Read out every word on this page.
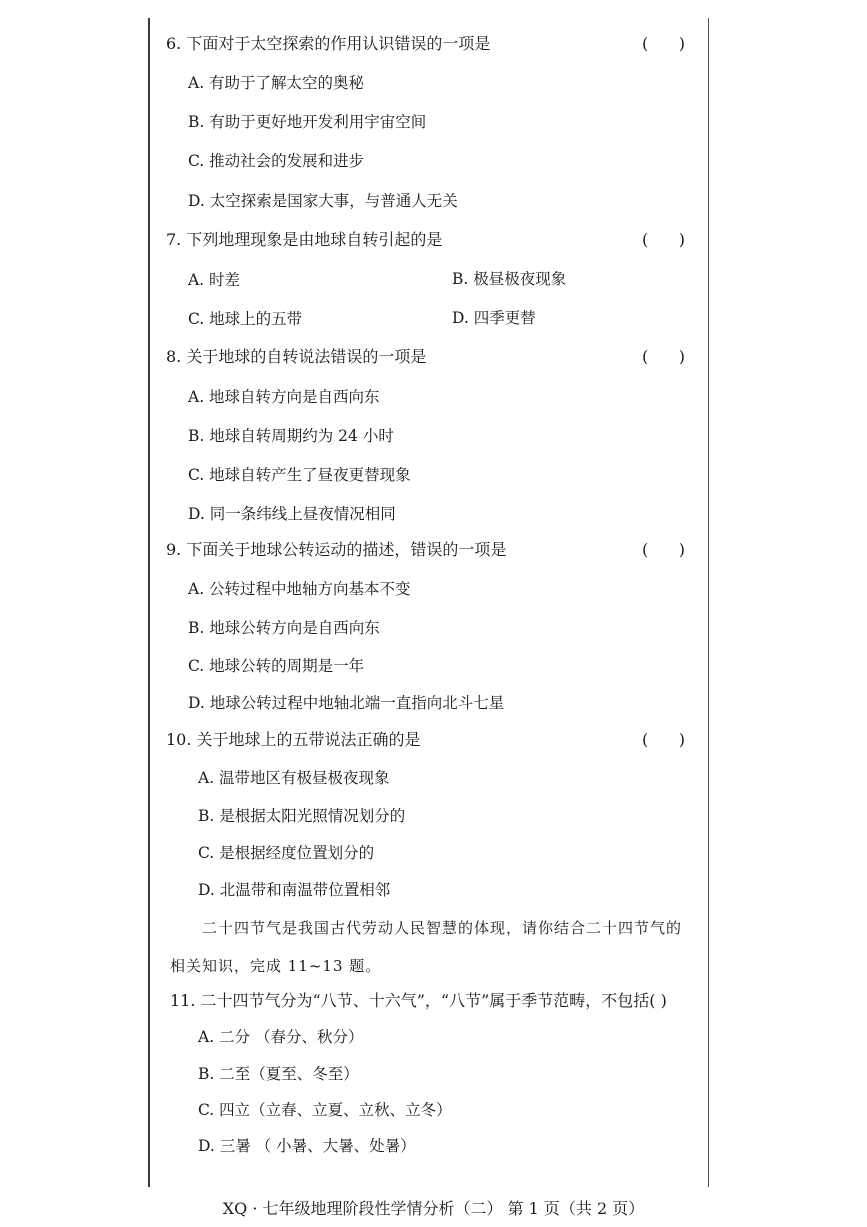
6. 下面对于太空探索的作用认识错误的一项是	(      )
A. 有助于了解太空的奥秘
B. 有助于更好地开发利用宇宙空间
C. 推动社会的发展和进步
D. 太空探索是国家大事，与普通人无关
7. 下列地理现象是由地球自转引起的是	(      )
A. 时差	B. 极昼极夜现象
C. 地球上的五带	D. 四季更替
8. 关于地球的自转说法错误的一项是	(      )
A. 地球自转方向是自西向东
B. 地球自转周期约为 24 小时
C. 地球自转产生了昼夜更替现象
D. 同一条纬线上昼夜情况相同
9. 下面关于地球公转运动的描述，错误的一项是	(      )
A. 公转过程中地轴方向基本不变
B. 地球公转方向是自西向东
C. 地球公转的周期是一年
D. 地球公转过程中地轴北端一直指向北斗七星
10. 关于地球上的五带说法正确的是	(      )
A. 温带地区有极昼极夜现象
B. 是根据太阳光照情况划分的
C. 是根据经度位置划分的
D. 北温带和南温带位置相邻
二十四节气是我国古代劳动人民智慧的体现，请你结合二十四节气的
相关知识，完成 11~13 题。
11. 二十四节气分为“八节、十六气”，“八节”属于季节范畴，不包括( )
A. 二分 （春分、秋分）
B. 二至（夏至、冬至）
C. 四立（立春、立夏、立秋、立冬）
D. 三暑 （ 小暑、大暑、处暑）
XQ · 七年级地理阶段性学情分析（二） 第 1 页（共 2 页）
